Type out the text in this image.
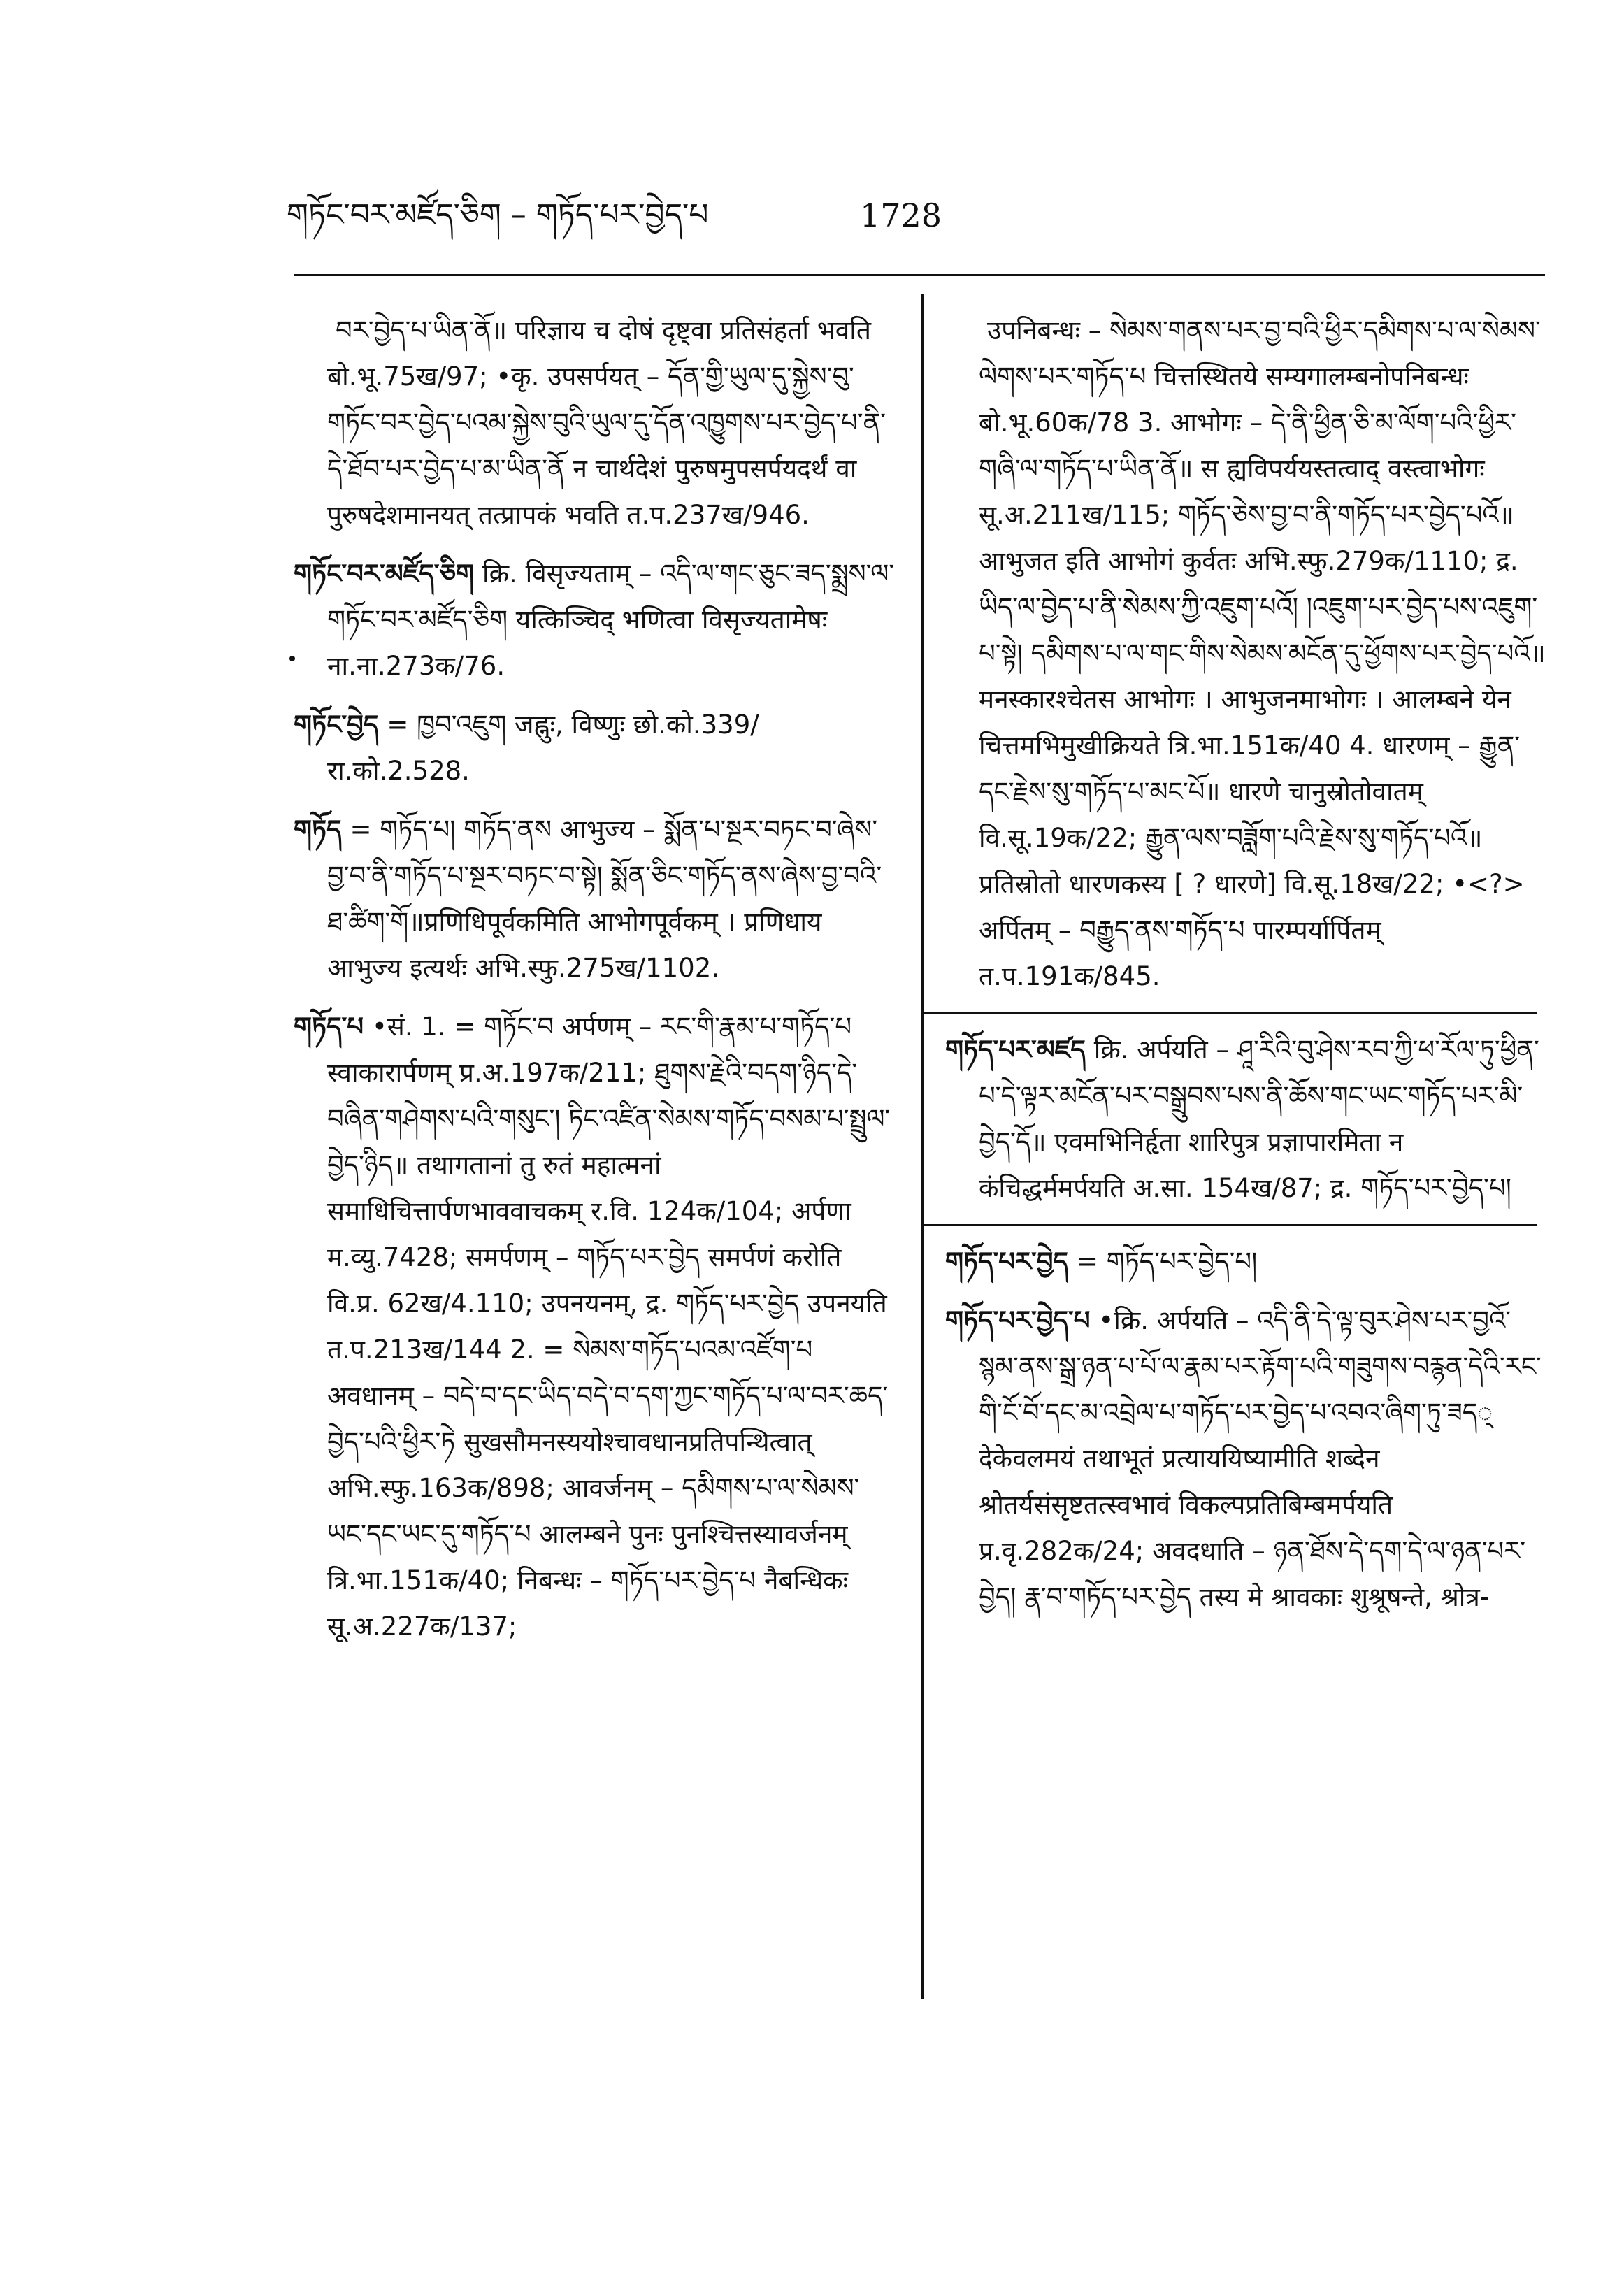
གཏོང་བར་མཛོད་ཅིག – གཏོད་པར་བྱེད་པ	1728

བར་བྱེད་པ་ཡིན་ནོ॥ परिज्ञाय च दोषं दृष्ट्वा प्रतिसंहर्ता भवति बो.भू.75ख/97; •कृ. उपसर्पयत् – དོན་གྱི་ཡུལ་དུ་སྐྱེས་བུ་གཏོང་བར་བྱེད་པའམ་སྐྱེས་བུའི་ཡུལ་དུ་དོན་འཁྱུགས་པར་བྱེད་པ་ནི་དེ་ཐོབ་པར་བྱེད་པ་མ་ཡིན་ནོ न चार्थदेशं पुरुषमुपसर्पयदर्थं वा पुरुषदेशमानयत् तत्प्रापकं भवति त.प.237ख/946.

གཏོང་བར་མཛོད་ཅིག क्रि. विसृज्यताम् – འདི་ལ་གང་ཅུང་ཟད་སྨྲས་ལ་གཏོང་བར་མཛོད་ཅིག यत्किञ्चिद् भणित्वा विसृज्यतामेषः ना.ना.273क/76.

གཏོང་བྱེད = ཁྱབ་འཇུག जह्नुः, विष्णुः छो.को.339/रा.को.2.528.

གཏོད = གཏོད་པ། གཏོད་ནས आभुज्य – སྨོན་པ་སྔར་བཏང་བ་ཞེས་བྱ་བ་ནི་གཏོད་པ་སྔར་བཏང་བ་སྟེ། སྨོན་ཅིང་གཏོད་ནས་ཞེས་བྱ་བའི་ཐ་ཚིག་གོ॥प्रणिधिपूर्वकमिति आभोगपूर्वकम् । प्रणिधाय आभुज्य इत्यर्थः अभि.स्फु.275ख/1102.

གཏོད་པ •सं. 1. = གཏོང་བ अर्पणम् – རང་གི་རྣམ་པ་གཏོད་པ स्वाकारार्पणम् प्र.अ.197क/211; ཐུགས་རྗེའི་བདག་ཉིད་དེ་བཞིན་གཤེགས་པའི་གསུང་། ཏིང་འཛིན་སེམས་གཏོད་བསམ་པ་སྤྲུལ་བྱེད་ཉིད॥ तथागतानां तु रुतं महात्मनां समाधिचित्तार्पणभाववाचकम् र.वि. 124क/104; अर्पणा म.व्यु.7428; समर्पणम् – གཏོད་པར་བྱེད समर्पणं करोति वि.प्र. 62ख/4.110; उपनयनम्, द्र. གཏོད་པར་བྱེད उपनयति त.प.213ख/144 2. = སེམས་གཏོད་པའམ་འཛོག་པ अवधानम् – བདེ་བ་དང་ཡིད་བདེ་བ་དག་ཀྱང་གཏོད་པ་ལ་བར་ཆད་བྱེད་པའི་ཕྱིར་ཏེ सुखसौमनस्ययोश्चावधानप्रतिपन्थित्वात् अभि.स्फु.163क/898; आवर्जनम् – དམིགས་པ་ལ་སེམས་ཡང་དང་ཡང་དུ་གཏོད་པ आलम्बने पुनः पुनश्चित्तस्यावर्जनम् त्रि.भा.151क/40; निबन्धः – གཏོད་པར་བྱེད་པ नैबन्धिकः सू.अ.227क/137;

उपनिबन्धः – སེམས་གནས་པར་བྱ་བའི་ཕྱིར་དམིགས་པ་ལ་སེམས་ལེགས་པར་གཏོད་པ चित्तस्थितये सम्यगालम्बनोपनिबन्धः बो.भू.60क/78 3. आभोगः – དེ་ནི་ཕྱིན་ཅི་མ་ལོག་པའི་ཕྱིར་གཞི་ལ་གཏོད་པ་ཡིན་ནོ॥ स ह्यविपर्ययस्तत्वाद् वस्त्वाभोगः सू.अ.211ख/115; གཏོད་ཅེས་བྱ་བ་ནི་གཏོད་པར་བྱེད་པའོ॥ आभुजत इति आभोगं कुर्वतः अभि.स्फु.279क/1110; द्र. ཡིད་ལ་བྱེད་པ་ནི་སེམས་ཀྱི་འཇུག་པའོ། །འཇུག་པར་བྱེད་པས་འཇུག་པ་སྟེ། དམིགས་པ་ལ་གང་གིས་སེམས་མངོན་དུ་ཕྱོགས་པར་བྱེད་པའོ॥ मनस्कारश्चेतस आभोगः । आभुजनमाभोगः । आलम्बने येन चित्तमभिमुखीक्रियते त्रि.भा.151क/40 4. धारणम् – རྒྱུན་དང་རྗེས་སུ་གཏོད་པ་མང་པོ॥ धारणे चानुस्रोतोवातम् वि.सू.19क/22; རྒྱུན་ལས་བཟློག་པའི་རྗེས་སུ་གཏོད་པའོ॥ प्रतिस्रोतो धारणकस्य [ ? धारणे] वि.सू.18ख/22; •<?> अर्पितम् – བརྒྱུད་ནས་གཏོད་པ पारम्पर्यार्पितम् त.प.191क/845.

གཏོད་པར་མཛད क्रि. अर्पयति – ཤཱ་རིའི་བུ་ཤེས་རབ་ཀྱི་ཕ་རོལ་ཏུ་ཕྱིན་པ་དེ་ལྟར་མངོན་པར་བསྒྲུབས་པས་ནི་ཆོས་གང་ཡང་གཏོད་པར་མི་བྱེད་དོ॥ एवमभिनिर्हृता शारिपुत्र प्रज्ञापारमिता न कंचिद्धर्ममर्पयति अ.सा. 154ख/87; द्र. གཏོད་པར་བྱེད་པ།

གཏོད་པར་བྱེད = གཏོད་པར་བྱེད་པ།

གཏོད་པར་བྱེད་པ •क्रि. अर्पयति – འདི་ནི་དེ་ལྟ་བུར་ཤེས་པར་བྱའོ་སྙམ་ནས་སྒྲ་ཉན་པ་པོ་ལ་རྣམ་པར་རྟོག་པའི་གཟུགས་བརྙན་དེའི་རང་གི་ངོ་བོ་དང་མ་འབྲེལ་པ་གཏོད་པར་བྱེད་པ་འབའ་ཞིག་ཏུ་ཟད् देकेवलमयं तथाभूतं प्रत्याययिष्यामीति शब्देन श्रोतर्यसंसृष्टतत्स्वभावं विकल्पप्रतिबिम्बमर्पयति प्र.वृ.282क/24; अवदधाति – ཉན་ཐོས་དེ་དག་དེ་ལ་ཉན་པར་བྱེད། རྣ་བ་གཏོད་པར་བྱེད तस्य मे श्रावकाः शुश्रूषन्ते, श्रोत्र-
